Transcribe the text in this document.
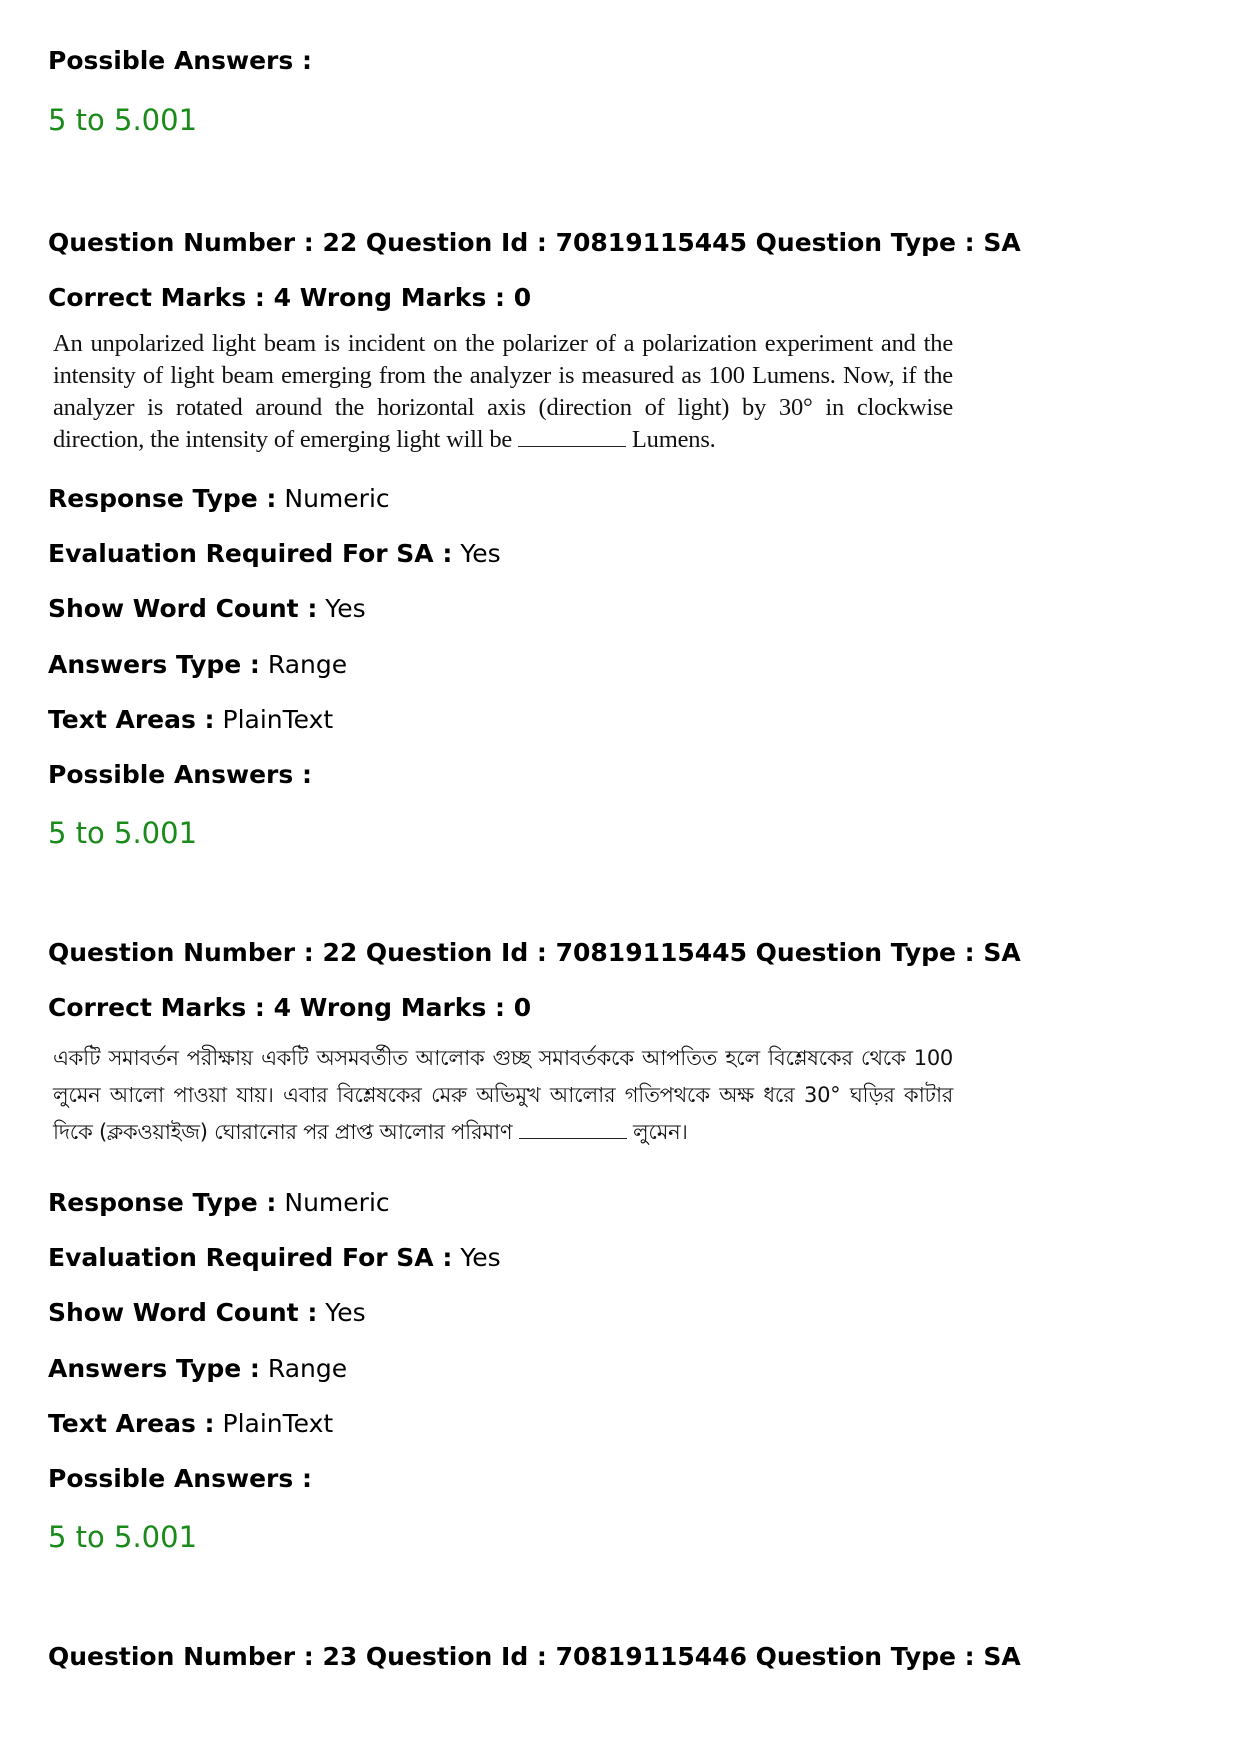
Possible Answers :
5 to 5.001
Question Number : 22 Question Id : 70819115445 Question Type : SA
Correct Marks : 4 Wrong Marks : 0
An unpolarized light beam is incident on the polarizer of a polarization experiment and the intensity of light beam emerging from the analyzer is measured as 100 Lumens. Now, if the analyzer is rotated around the horizontal axis (direction of light) by 30° in clockwise direction, the intensity of emerging light will be	Lumens.
Response Type : Numeric
Evaluation Required For SA : Yes
Show Word Count : Yes
Answers Type : Range
Text Areas : PlainText
Possible Answers :
5 to 5.001
Question Number : 22 Question Id : 70819115445 Question Type : SA
Correct Marks : 4 Wrong Marks : 0
একটি সমাবর্তন পরীক্ষায় একটি অসমবর্তীত আলোক গুচ্ছ সমাবর্তককে আপতিত হলে বিশ্লেষকের থেকে 100 লুমেন আলো পাওয়া যায়। এবার বিশ্লেষকের মেরু অভিমুখ আলোর গতিপথকে অক্ষ ধরে 30° ঘড়ির কাটার দিকে (ক্লকওয়াইজ) ঘোরানোর পর প্রাপ্ত আলোর পরিমাণ	লুমেন।
Response Type : Numeric
Evaluation Required For SA : Yes
Show Word Count : Yes
Answers Type : Range
Text Areas : PlainText
Possible Answers :
5 to 5.001
Question Number : 23 Question Id : 70819115446 Question Type : SA
